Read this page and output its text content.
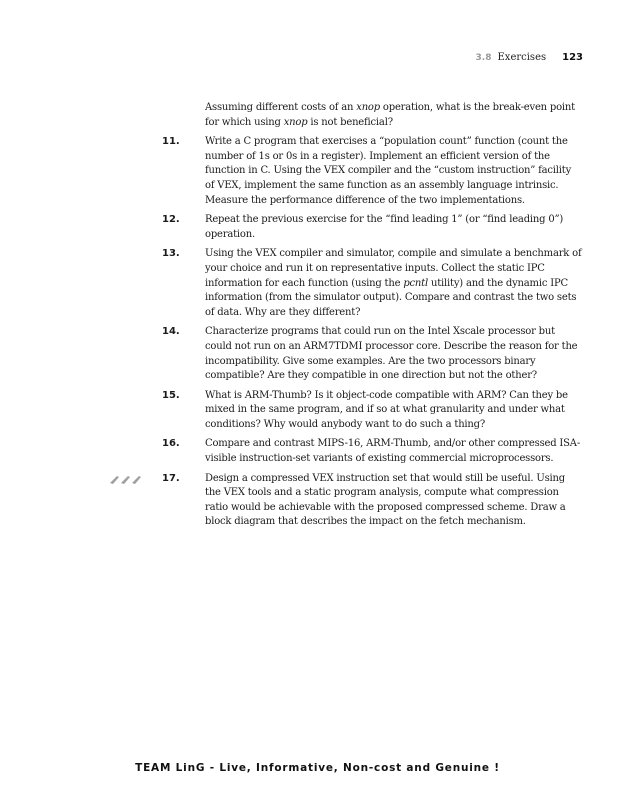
3.8 Exercises 123
Assuming different costs of an xnop operation, what is the break-even point for which using xnop is not beneficial?
11.	Write a C program that exercises a “population count” function (count the number of 1s or 0s in a register). Implement an efficient version of the function in C. Using the VEX compiler and the “custom instruction” facility of VEX, implement the same function as an assembly language intrinsic. Measure the performance difference of the two implementations.
12.	Repeat the previous exercise for the “find leading 1” (or “find leading 0”) operation.
13.	Using the VEX compiler and simulator, compile and simulate a benchmark of your choice and run it on representative inputs. Collect the static IPC information for each function (using the pcntl utility) and the dynamic IPC information (from the simulator output). Compare and contrast the two sets of data. Why are they different?
14.	Characterize programs that could run on the Intel Xscale processor but could not run on an ARM7TDMI processor core. Describe the reason for the incompatibility. Give some examples. Are the two processors binary compatible? Are they compatible in one direction but not the other?
15.	What is ARM-Thumb? Is it object-code compatible with ARM? Can they be mixed in the same program, and if so at what granularity and under what conditions? Why would anybody want to do such a thing?
16.	Compare and contrast MIPS-16, ARM-Thumb, and/or other compressed ISA-visible instruction-set variants of existing commercial microprocessors.
17.	Design a compressed VEX instruction set that would still be useful. Using the VEX tools and a static program analysis, compute what compression ratio would be achievable with the proposed compressed scheme. Draw a block diagram that describes the impact on the fetch mechanism.
TEAM LinG - Live, Informative, Non-cost and Genuine !
